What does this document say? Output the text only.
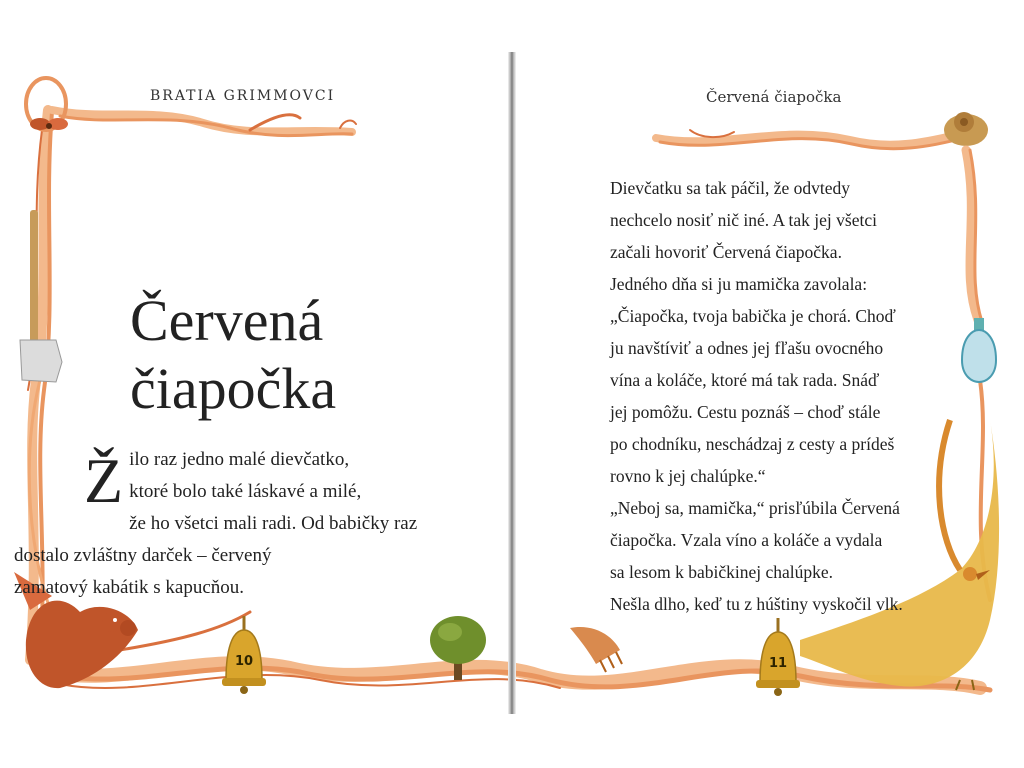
BRATIA GRIMMOVCI
Červená
čiapočka
Ž ilo raz jedno malé dievčatko,
ktoré bolo také láskavé a milé,
že ho všetci mali radi. Od babičky raz
dostalo zvláštny darček – červený
zamatový kabátik s kapucňou.
10
Červená čiapočka
Dievčatku sa tak páčil, že odvtedy
nechcelo nosiť nič iné. A tak jej všetci
začali hovoriť Červená čiapočka.
Jedného dňa si ju mamička zavolala:
„Čiapočka, tvoja babička je chorá. Choď
ju navštíviť a odnes jej fľašu ovocného
vína a koláče, ktoré má tak rada. Snáď
jej pomôžu. Cestu poznáš – choď stále
po chodníku, neschádzaj z cesty a prídeš
rovno k jej chalúpke.“
„Neboj sa, mamička,“ prisľúbila Červená
čiapočka. Vzala víno a koláče a vydala
sa lesom k babičkinej chalúpke.
Nešla dlho, keď tu z húštiny vyskočil vlk.
11
